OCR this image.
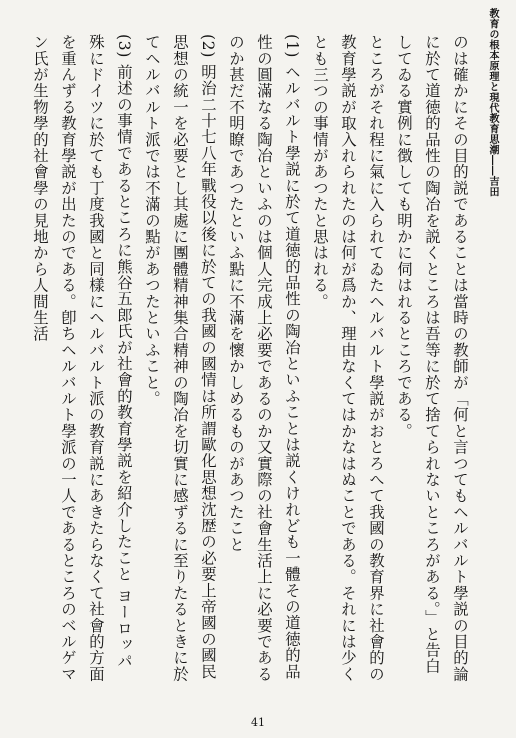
教育の根本原理と現代教育思潮――吉田

のは確かにその目的説であることは當時の教師が「何と言つてもヘルバルト學説の目的論に於て道徳的品性の陶冶を説くところは吾等に於て捨てられないところがある。」と告白してゐる實例に徴しても明かに伺はれるところである。

ところがそれ程に氣に入られてゐたヘルバルト學説がおとろへて我國の教育界に社會的の教育學説が取入れられたのは何が爲か、理由なくてはかなはぬことである。それには少くとも三つの事情があつたと思はれる。

(1) ヘルバルト學説に於て道徳的品性の陶冶といふことは説くけれども一體その道徳的品性の圓滿なる陶冶といふのは個人完成上必要であるのか又實際の社會生活上に必要であるのか甚だ不明瞭であつたといふ點に不滿を懷かしめるものがあつたこと

(2) 明治二十七八年戰役以後に於ての我國の國情は所謂歐化思想沈歴の必要上帝國の國民思想の統一を必要とし其處に團體精神集合精神の陶冶を切實に感ずるに至りたるときに於てヘルバルト派では不滿の點があつたといふこと。

(3) 前述の事情であるところに熊谷五郎氏が社會的教育學説を紹介したこと ヨーロッパ殊にドイツに於ても丁度我國と同樣にヘルバルト派の教育説にあきたらなくて社會的方面を重んずる教育學説が出たのである。卽ちヘルバルト學派の一人であるところのベルゲマン氏が生物學的社會學の見地から人間生活

41
